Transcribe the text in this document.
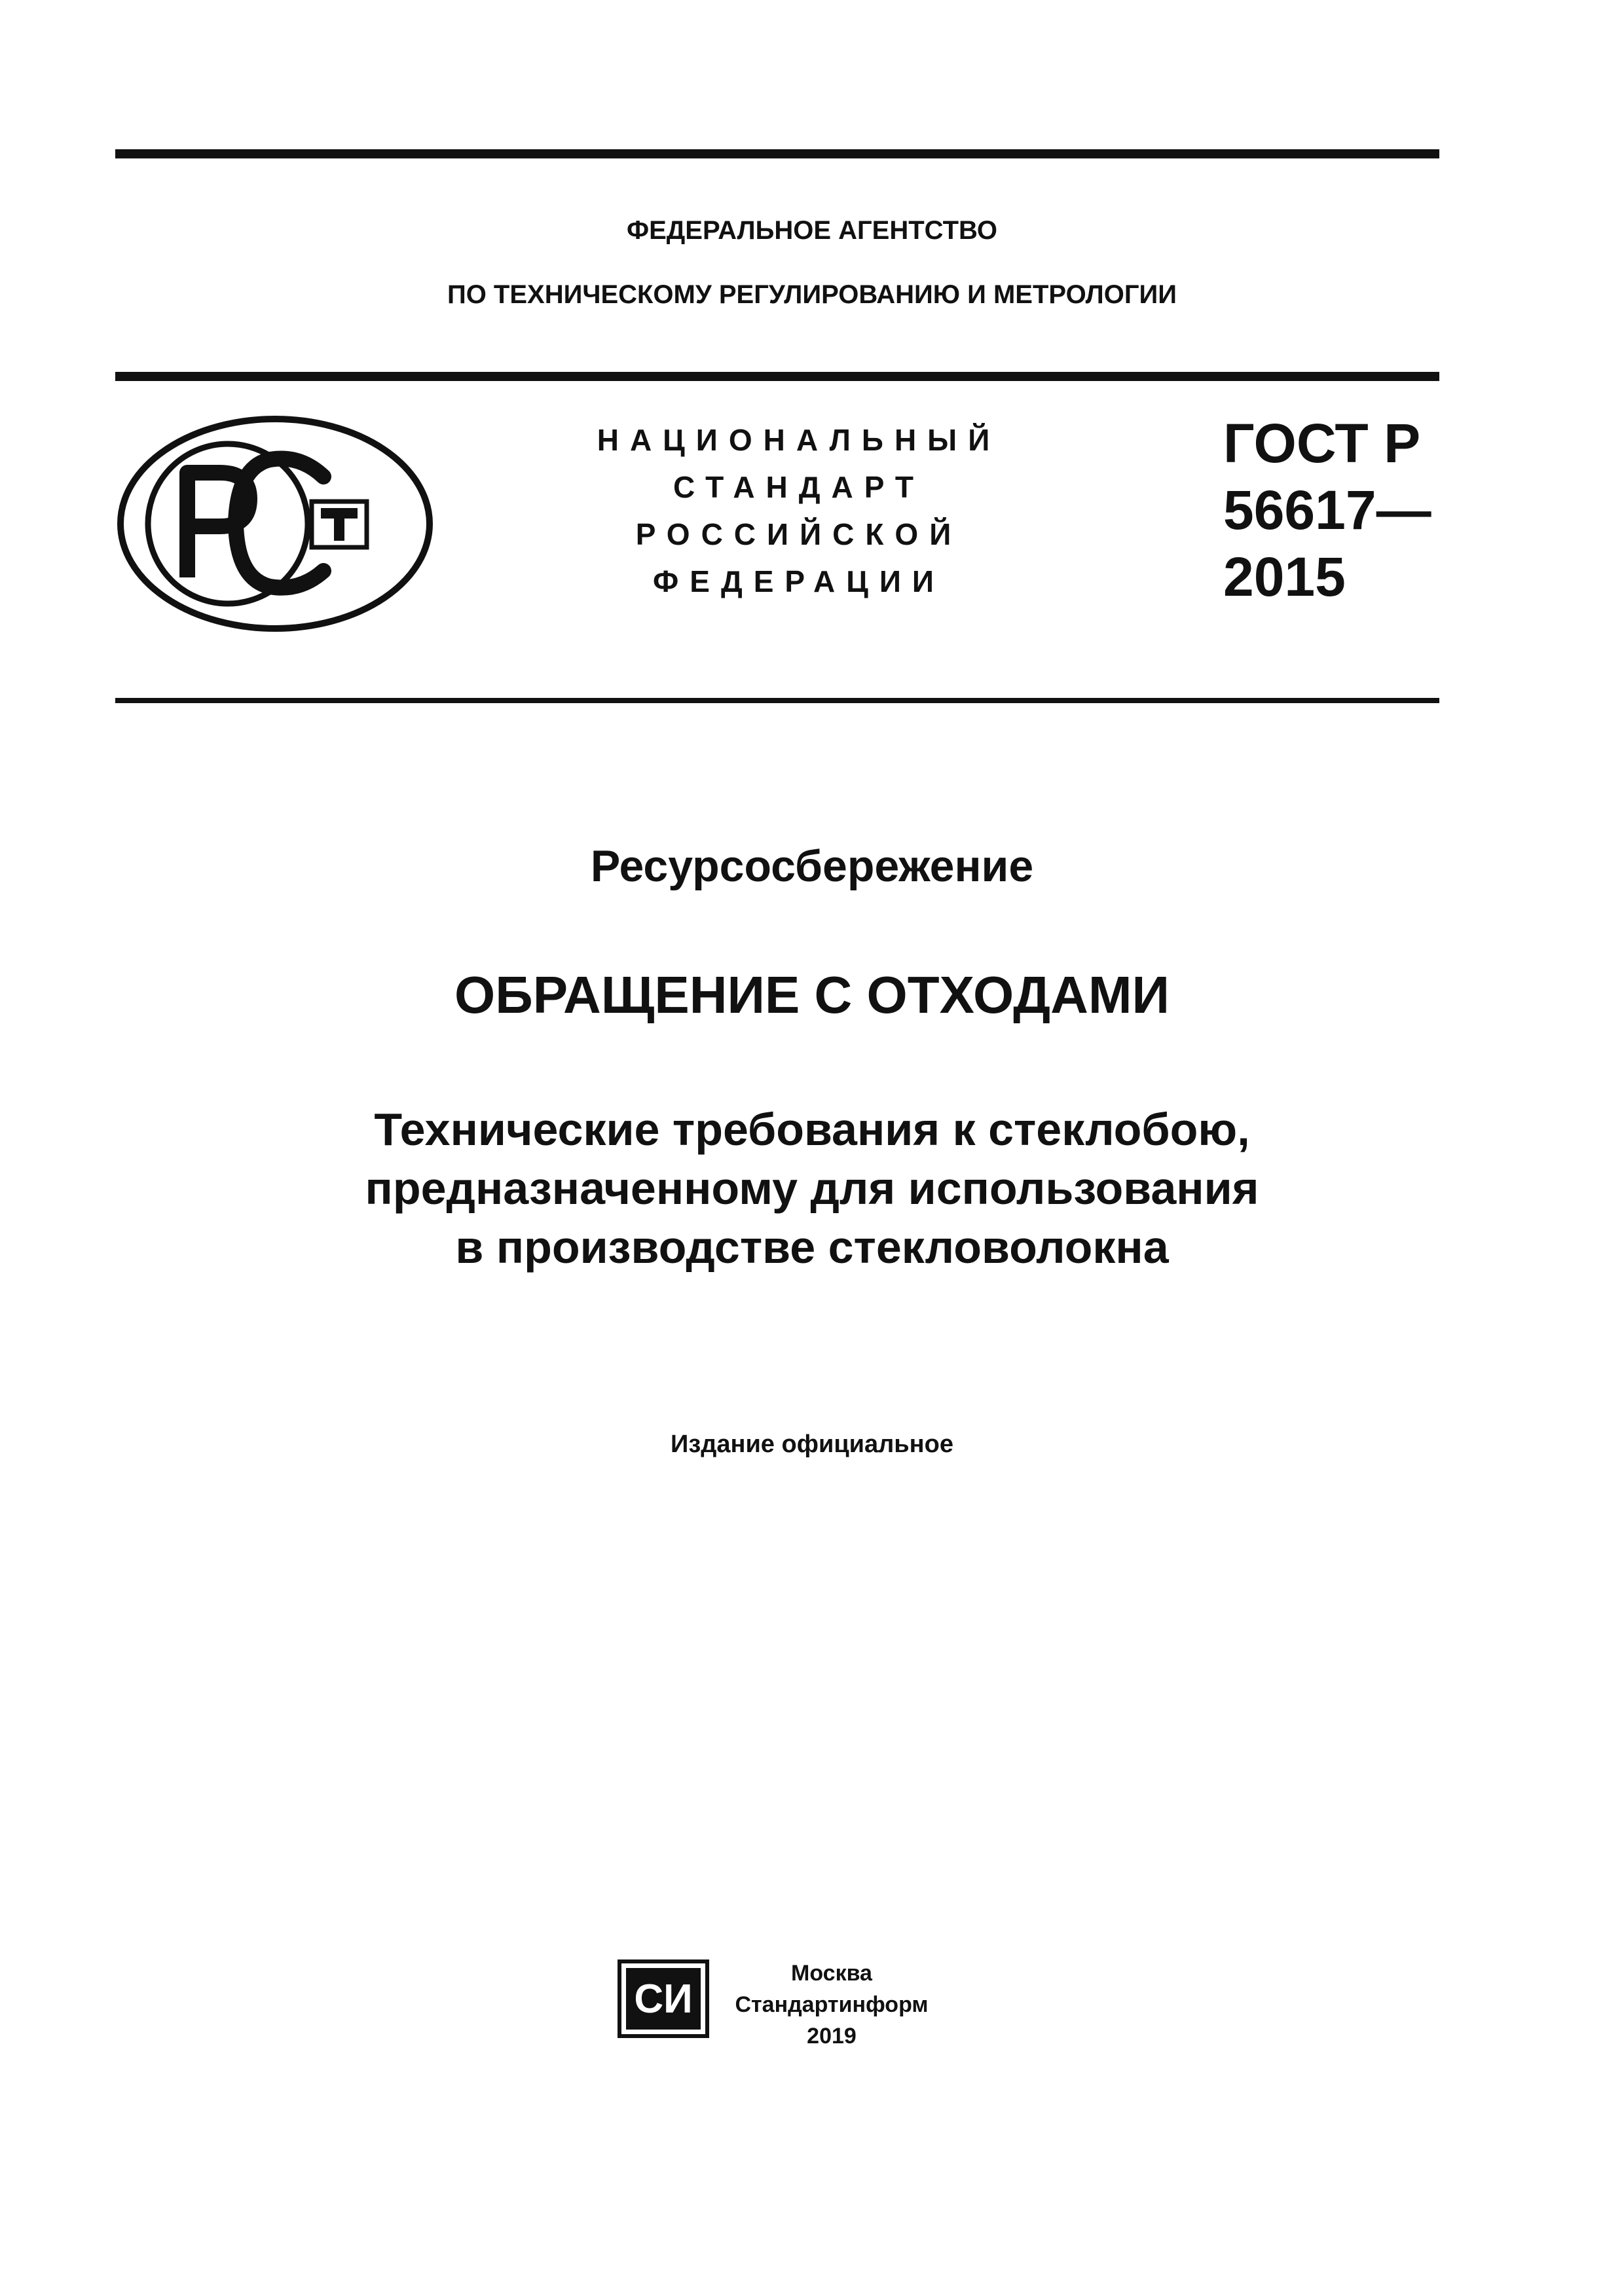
ФЕДЕРАЛЬНОЕ АГЕНТСТВО
ПО ТЕХНИЧЕСКОМУ РЕГУЛИРОВАНИЮ И МЕТРОЛОГИИ
НАЦИОНАЛЬНЫЙ
СТАНДАРТ
РОССИЙСКОЙ
ФЕДЕРАЦИИ
ГОСТ Р
56617—
2015
Ресурсосбережение
ОБРАЩЕНИЕ С ОТХОДАМИ
Технические требования к стеклобою,
предназначенному для использования
в производстве стекловолокна
Издание официальное
СИ
Москва
Стандартинформ
2019
